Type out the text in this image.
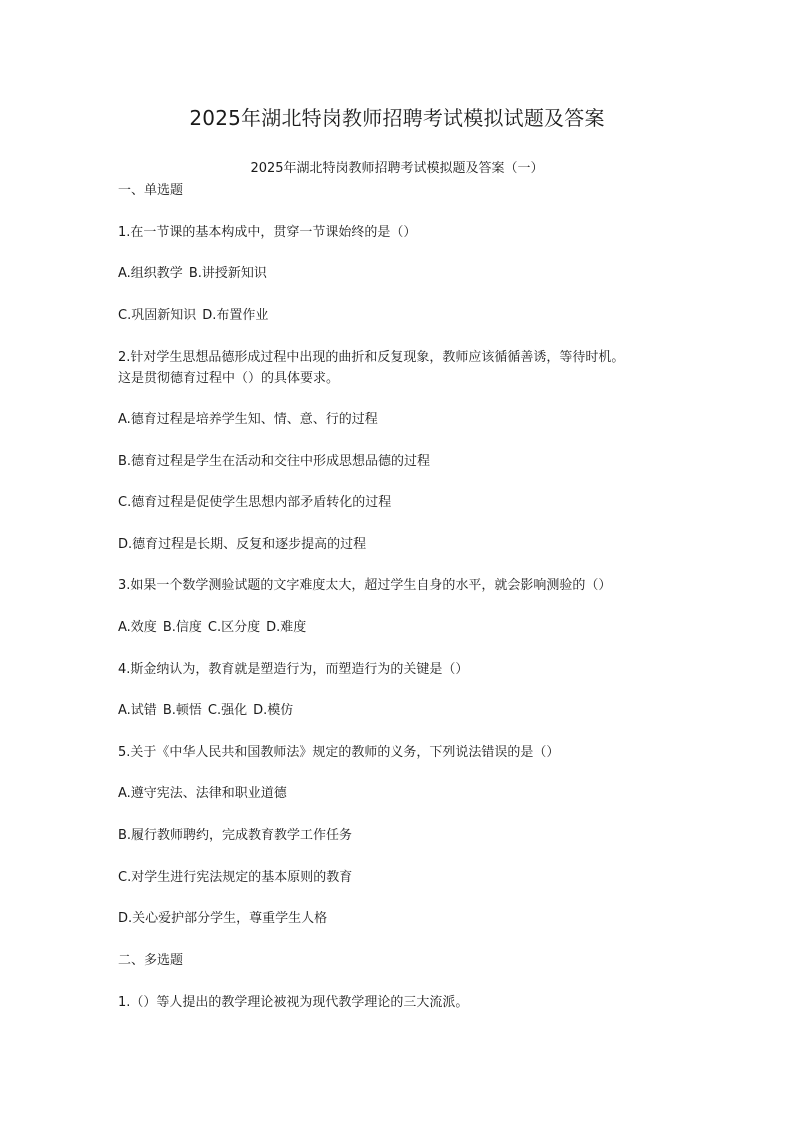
2025年湖北特岗教师招聘考试模拟试题及答案
2025年湖北特岗教师招聘考试模拟题及答案（一）
一、单选题
1.在一节课的基本构成中，贯穿一节课始终的是（）
A.组织教学 B.讲授新知识
C.巩固新知识 D.布置作业
2.针对学生思想品德形成过程中出现的曲折和反复现象，教师应该循循善诱，等待时机。
这是贯彻德育过程中（）的具体要求。
A.德育过程是培养学生知、情、意、行的过程
B.德育过程是学生在活动和交往中形成思想品德的过程
C.德育过程是促使学生思想内部矛盾转化的过程
D.德育过程是长期、反复和逐步提高的过程
3.如果一个数学测验试题的文字难度太大，超过学生自身的水平，就会影响测验的（）
A.效度 B.信度 C.区分度 D.难度
4.斯金纳认为，教育就是塑造行为，而塑造行为的关键是（）
A.试错 B.顿悟 C.强化 D.模仿
5.关于《中华人民共和国教师法》规定的教师的义务，下列说法错误的是（）
A.遵守宪法、法律和职业道德
B.履行教师聘约，完成教育教学工作任务
C.对学生进行宪法规定的基本原则的教育
D.关心爱护部分学生，尊重学生人格
二、多选题
1.（）等人提出的教学理论被视为现代教学理论的三大流派。
